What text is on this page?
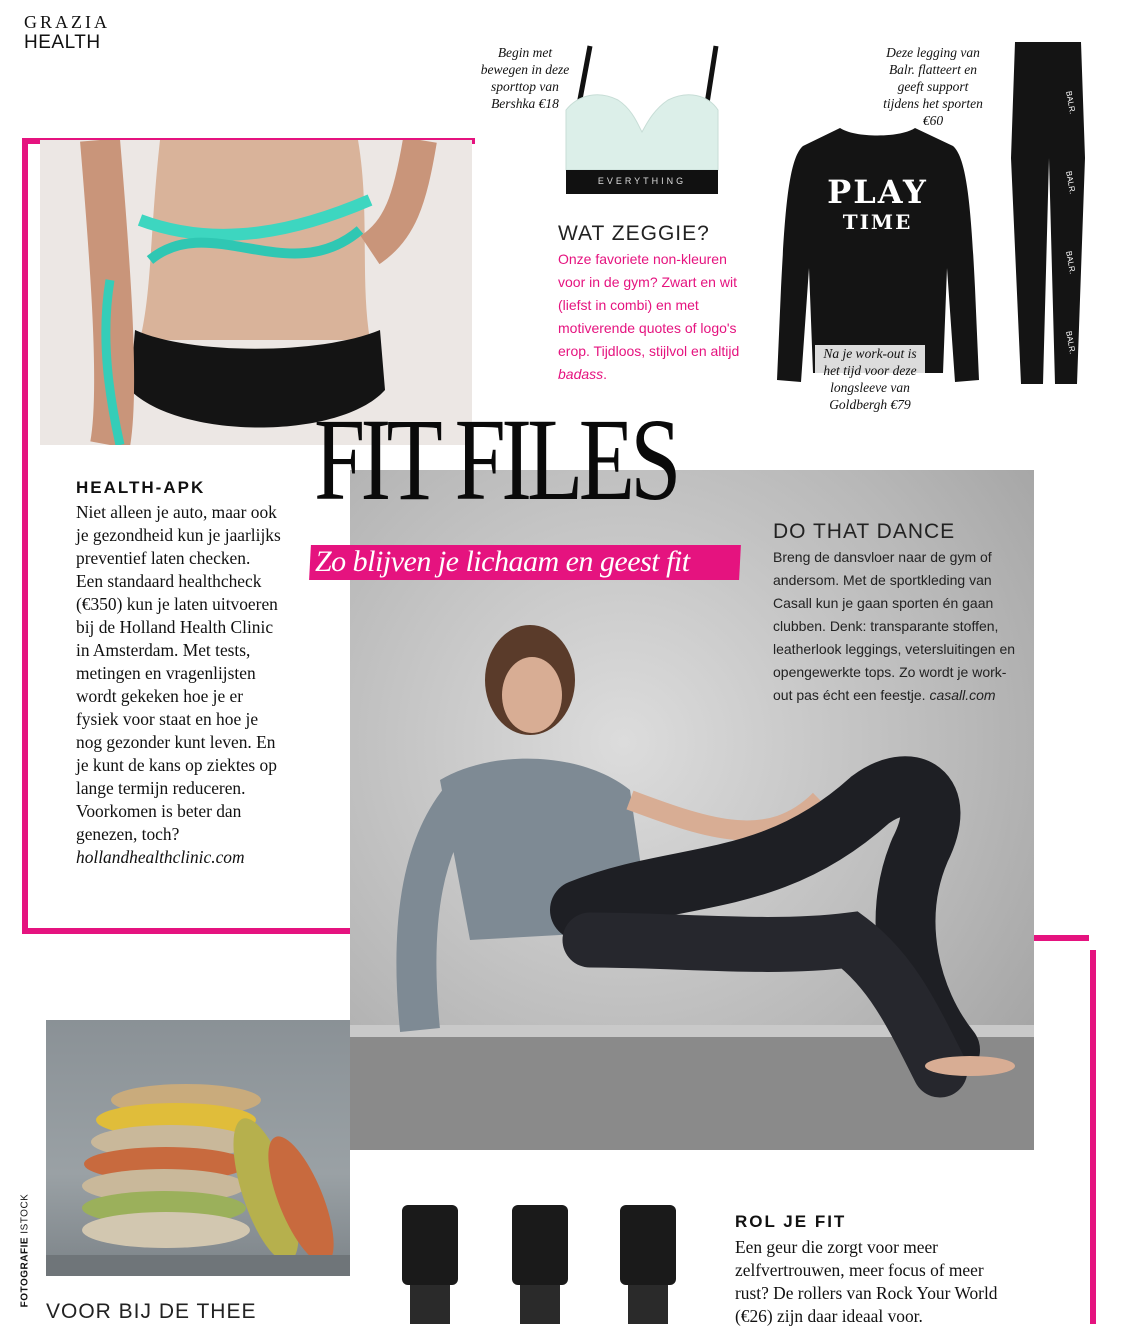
GRAZIA
HEALTH	Begin met bewegen in deze sporttop van Bershka €18
EVERYTHING
Deze legging van Balr. flatteert en geeft support tijdens het sporten €60
PLAY
TIME
BALR.
BALR.
BALR.
BALR.
Na je work-out is het tijd voor deze longsleeve van Goldbergh €79
WAT ZEGGIE?
Onze favoriete non-kleuren voor in de gym? Zwart en wit (liefst in combi) en met motiverende quotes of logo's erop. Tijdloos, stijlvol en altijd badass.
FIT FILES
Zo blijven je lichaam en geest fit
HEALTH-APK
Niet alleen je auto, maar ook je gezondheid kun je jaarlijks preventief laten checken. Een standaard healthcheck (€350) kun je laten uitvoeren bij de Holland Health Clinic in Amsterdam. Met tests, metingen en vragenlijsten wordt gekeken hoe je er fysiek voor staat en hoe je nog gezonder kunt leven. En je kunt de kans op ziektes op lange termijn reduceren. Voorkomen is beter dan genezen, toch? hollandhealthclinic.com
DO THAT DANCE
Breng de dansvloer naar de gym of andersom. Met de sportkleding van Casall kun je gaan sporten én gaan clubben. Denk: transparante stoffen, leatherlook leggings, vetersluitingen en opengewerkte tops. Zo wordt je work-out pas écht een feestje. casall.com
FOTOGRAFIE ISTOCK
VOOR BIJ DE THEE
ROL JE FIT
Een geur die zorgt voor meer zelfvertrouwen, meer focus of meer rust? De rollers van Rock Your World (€26) zijn daar ideaal voor.
